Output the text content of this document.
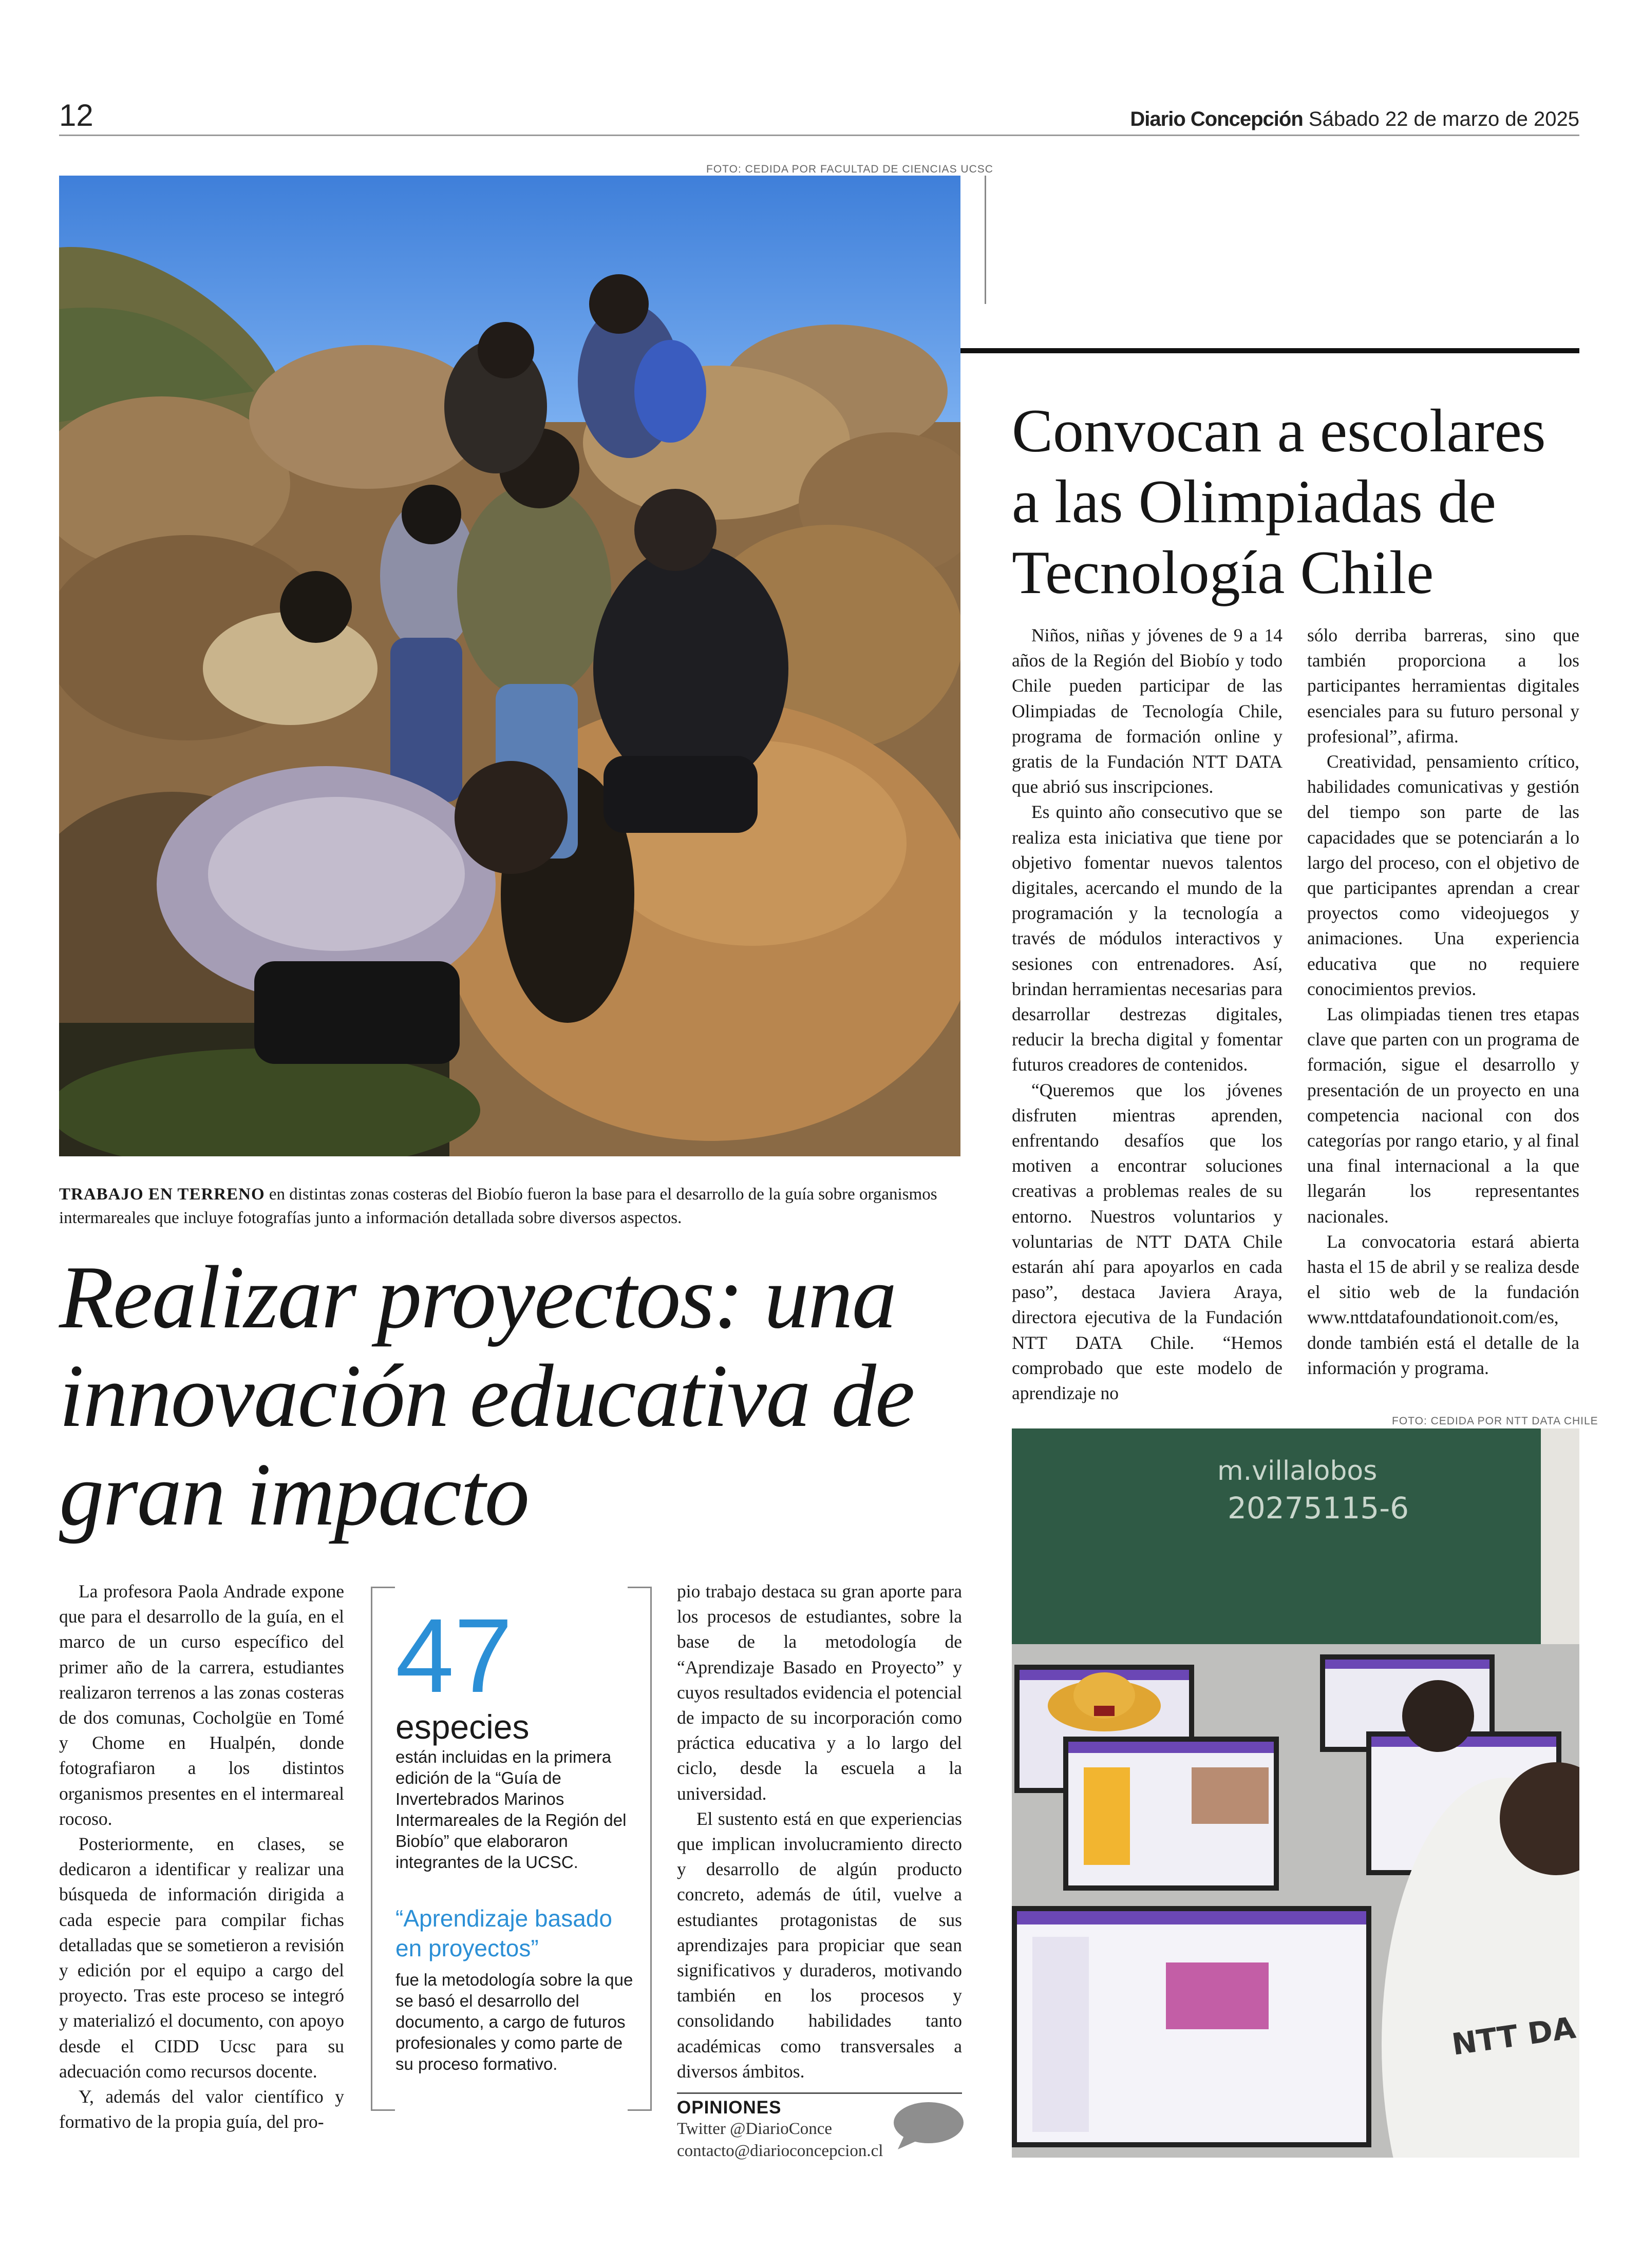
12	Diario Concepción Sábado 22 de marzo de 2025
FOTO: CEDIDA POR FACULTAD DE CIENCIAS UCSC
TRABAJO EN TERRENO en distintas zonas costeras del Biobío fueron la base para el desarrollo de la guía sobre organismos intermareales que incluye fotografías junto a información detallada sobre diversos aspectos.
Realizar proyectos: una innovación educativa de gran impacto

La profesora Paola Andrade expone que para el desarrollo de la guía, en el marco de un curso específico del primer año de la carrera, estudiantes realizaron terrenos a las zonas costeras de dos comunas, Cocholgüe en Tomé y Chome en Hualpén, donde fotografiaron a los distintos organismos presentes en el intermareal rocoso.

Posteriormente, en clases, se dedicaron a identificar y realizar una búsqueda de información dirigida a cada especie para compilar fichas detalladas que se sometieron a revisión y edición por el equipo a cargo del proyecto. Tras este proceso se integró y materializó el documento, con apoyo desde el CIDD Ucsc para su adecuación como recursos docente.

Y, además del valor científico y formativo de la propia guía, del pro-

47
especies
están incluidas en la primera edición de la “Guía de Invertebrados Marinos Intermareales de la Región del Biobío” que elaboraron integrantes de la UCSC.
“Aprendizaje basado en proyectos”
fue la metodología sobre la que se basó el desarrollo del documento, a cargo de futuros profesionales y como parte de su proceso formativo.

pio trabajo destaca su gran aporte para los procesos de estudiantes, sobre la base de la metodología de “Aprendizaje Basado en Proyecto” y cuyos resultados evidencia el potencial de impacto de su incorporación como práctica educativa y a lo largo del ciclo, desde la escuela a la universidad.

El sustento está en que experiencias que implican involucramiento directo y desarrollo de algún producto concreto, además de útil, vuelve a estudiantes protagonistas de sus aprendizajes para propiciar que sean significativos y duraderos, motivando también en los procesos y consolidando habilidades tanto académicas como transversales a diversos ámbitos.

OPINIONES
Twitter @DiarioConce
contacto@diarioconcepcion.cl
Convocan a escolares a las Olimpiadas de Tecnología Chile

Niños, niñas y jóvenes de 9 a 14 años de la Región del Biobío y todo Chile pueden participar de las Olimpiadas de Tecnología Chile, programa de formación online y gratis de la Fundación NTT DATA que abrió sus inscripciones.

Es quinto año consecutivo que se realiza esta iniciativa que tiene por objetivo fomentar nuevos talentos digitales, acercando el mundo de la programación y la tecnología a través de módulos interactivos y sesiones con entrenadores. Así, brindan herramientas necesarias para desarrollar destrezas digitales, reducir la brecha digital y fomentar futuros creadores de contenidos.

“Queremos que los jóvenes disfruten mientras aprenden, enfrentando desafíos que los motiven a encontrar soluciones creativas a problemas reales de su entorno. Nuestros voluntarios y voluntarias de NTT DATA Chile estarán ahí para apoyarlos en cada paso”, destaca Javiera Araya, directora ejecutiva de la Fundación NTT DATA Chile. “Hemos comprobado que este modelo de aprendizaje no

sólo derriba barreras, sino que también proporciona a los participantes herramientas digitales esenciales para su futuro personal y profesional”, afirma.

Creatividad, pensamiento crítico, habilidades comunicativas y gestión del tiempo son parte de las capacidades que se potenciarán a lo largo del proceso, con el objetivo de que participantes aprendan a crear proyectos como videojuegos y animaciones. Una experiencia educativa que no requiere conocimientos previos.

Las olimpiadas tienen tres etapas clave que parten con un programa de formación, sigue el desarrollo y presentación de un proyecto en una competencia nacional con dos categorías por rango etario, y al final una final internacional a la que llegarán los representantes nacionales.

La convocatoria estará abierta hasta el 15 de abril y se realiza desde el sitio web de la fundación www.nttdatafoundationoit.com/es, donde también está el detalle de la información y programa.

FOTO: CEDIDA POR NTT DATA CHILE
m.villalobos
20275115-6
NTT DA
